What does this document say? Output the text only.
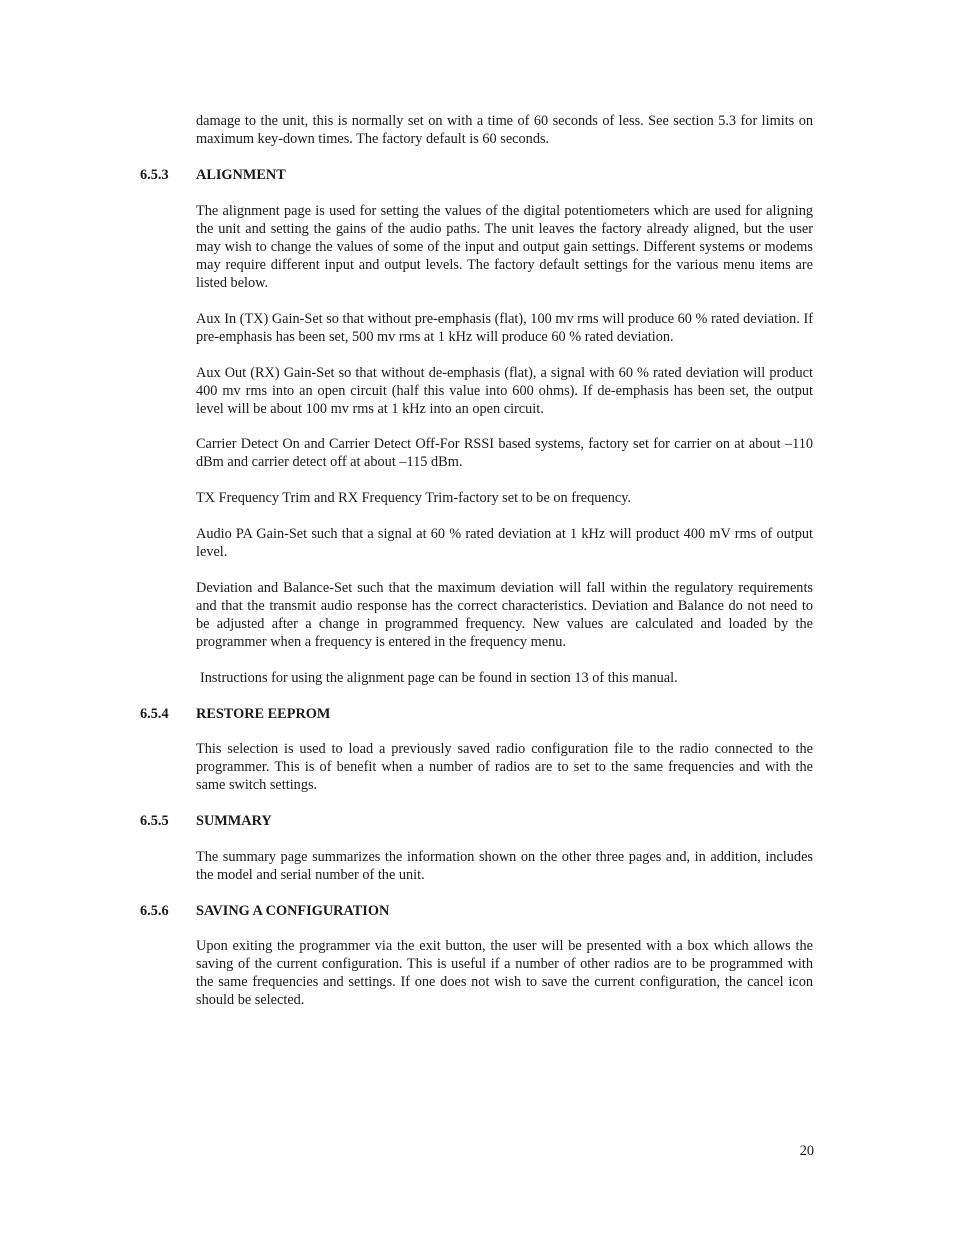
damage to the unit, this is normally set on with a time of 60 seconds of less. See section 5.3 for limits on maximum key-down times. The factory default is 60 seconds.

6.5.3 ALIGNMENT

The alignment page is used for setting the values of the digital potentiometers which are used for aligning the unit and setting the gains of the audio paths. The unit leaves the factory already aligned, but the user may wish to change the values of some of the input and output gain settings. Different systems or modems may require different input and output levels. The factory default settings for the various menu items are listed below.

Aux In (TX) Gain-Set so that without pre-emphasis (flat), 100 mv rms will produce 60 % rated deviation. If pre-emphasis has been set, 500 mv rms at 1 kHz will produce 60 % rated deviation.

Aux Out (RX) Gain-Set so that without de-emphasis (flat), a signal with 60 % rated deviation will product 400 mv rms into an open circuit (half this value into 600 ohms). If de-emphasis has been set, the output level will be about 100 mv rms at 1 kHz into an open circuit.

Carrier Detect On and Carrier Detect Off-For RSSI based systems, factory set for carrier on at about –110 dBm and carrier detect off at about –115 dBm.

TX Frequency Trim and RX Frequency Trim-factory set to be on frequency.

Audio PA Gain-Set such that a signal at 60 % rated deviation at 1 kHz will product 400 mV rms of output level.

Deviation and Balance-Set such that the maximum deviation will fall within the regulatory requirements and that the transmit audio response has the correct characteristics. Deviation and Balance do not need to be adjusted after a change in programmed frequency. New values are calculated and loaded by the programmer when a frequency is entered in the frequency menu.

Instructions for using the alignment page can be found in section 13 of this manual.

6.5.4 RESTORE EEPROM

This selection is used to load a previously saved radio configuration file to the radio connected to the programmer. This is of benefit when a number of radios are to set to the same frequencies and with the same switch settings.

6.5.5 SUMMARY

The summary page summarizes the information shown on the other three pages and, in addition, includes the model and serial number of the unit.

6.5.6 SAVING A CONFIGURATION

Upon exiting the programmer via the exit button, the user will be presented with a box which allows the saving of the current configuration. This is useful if a number of other radios are to be programmed with the same frequencies and settings. If one does not wish to save the current configuration, the cancel icon should be selected.

20
